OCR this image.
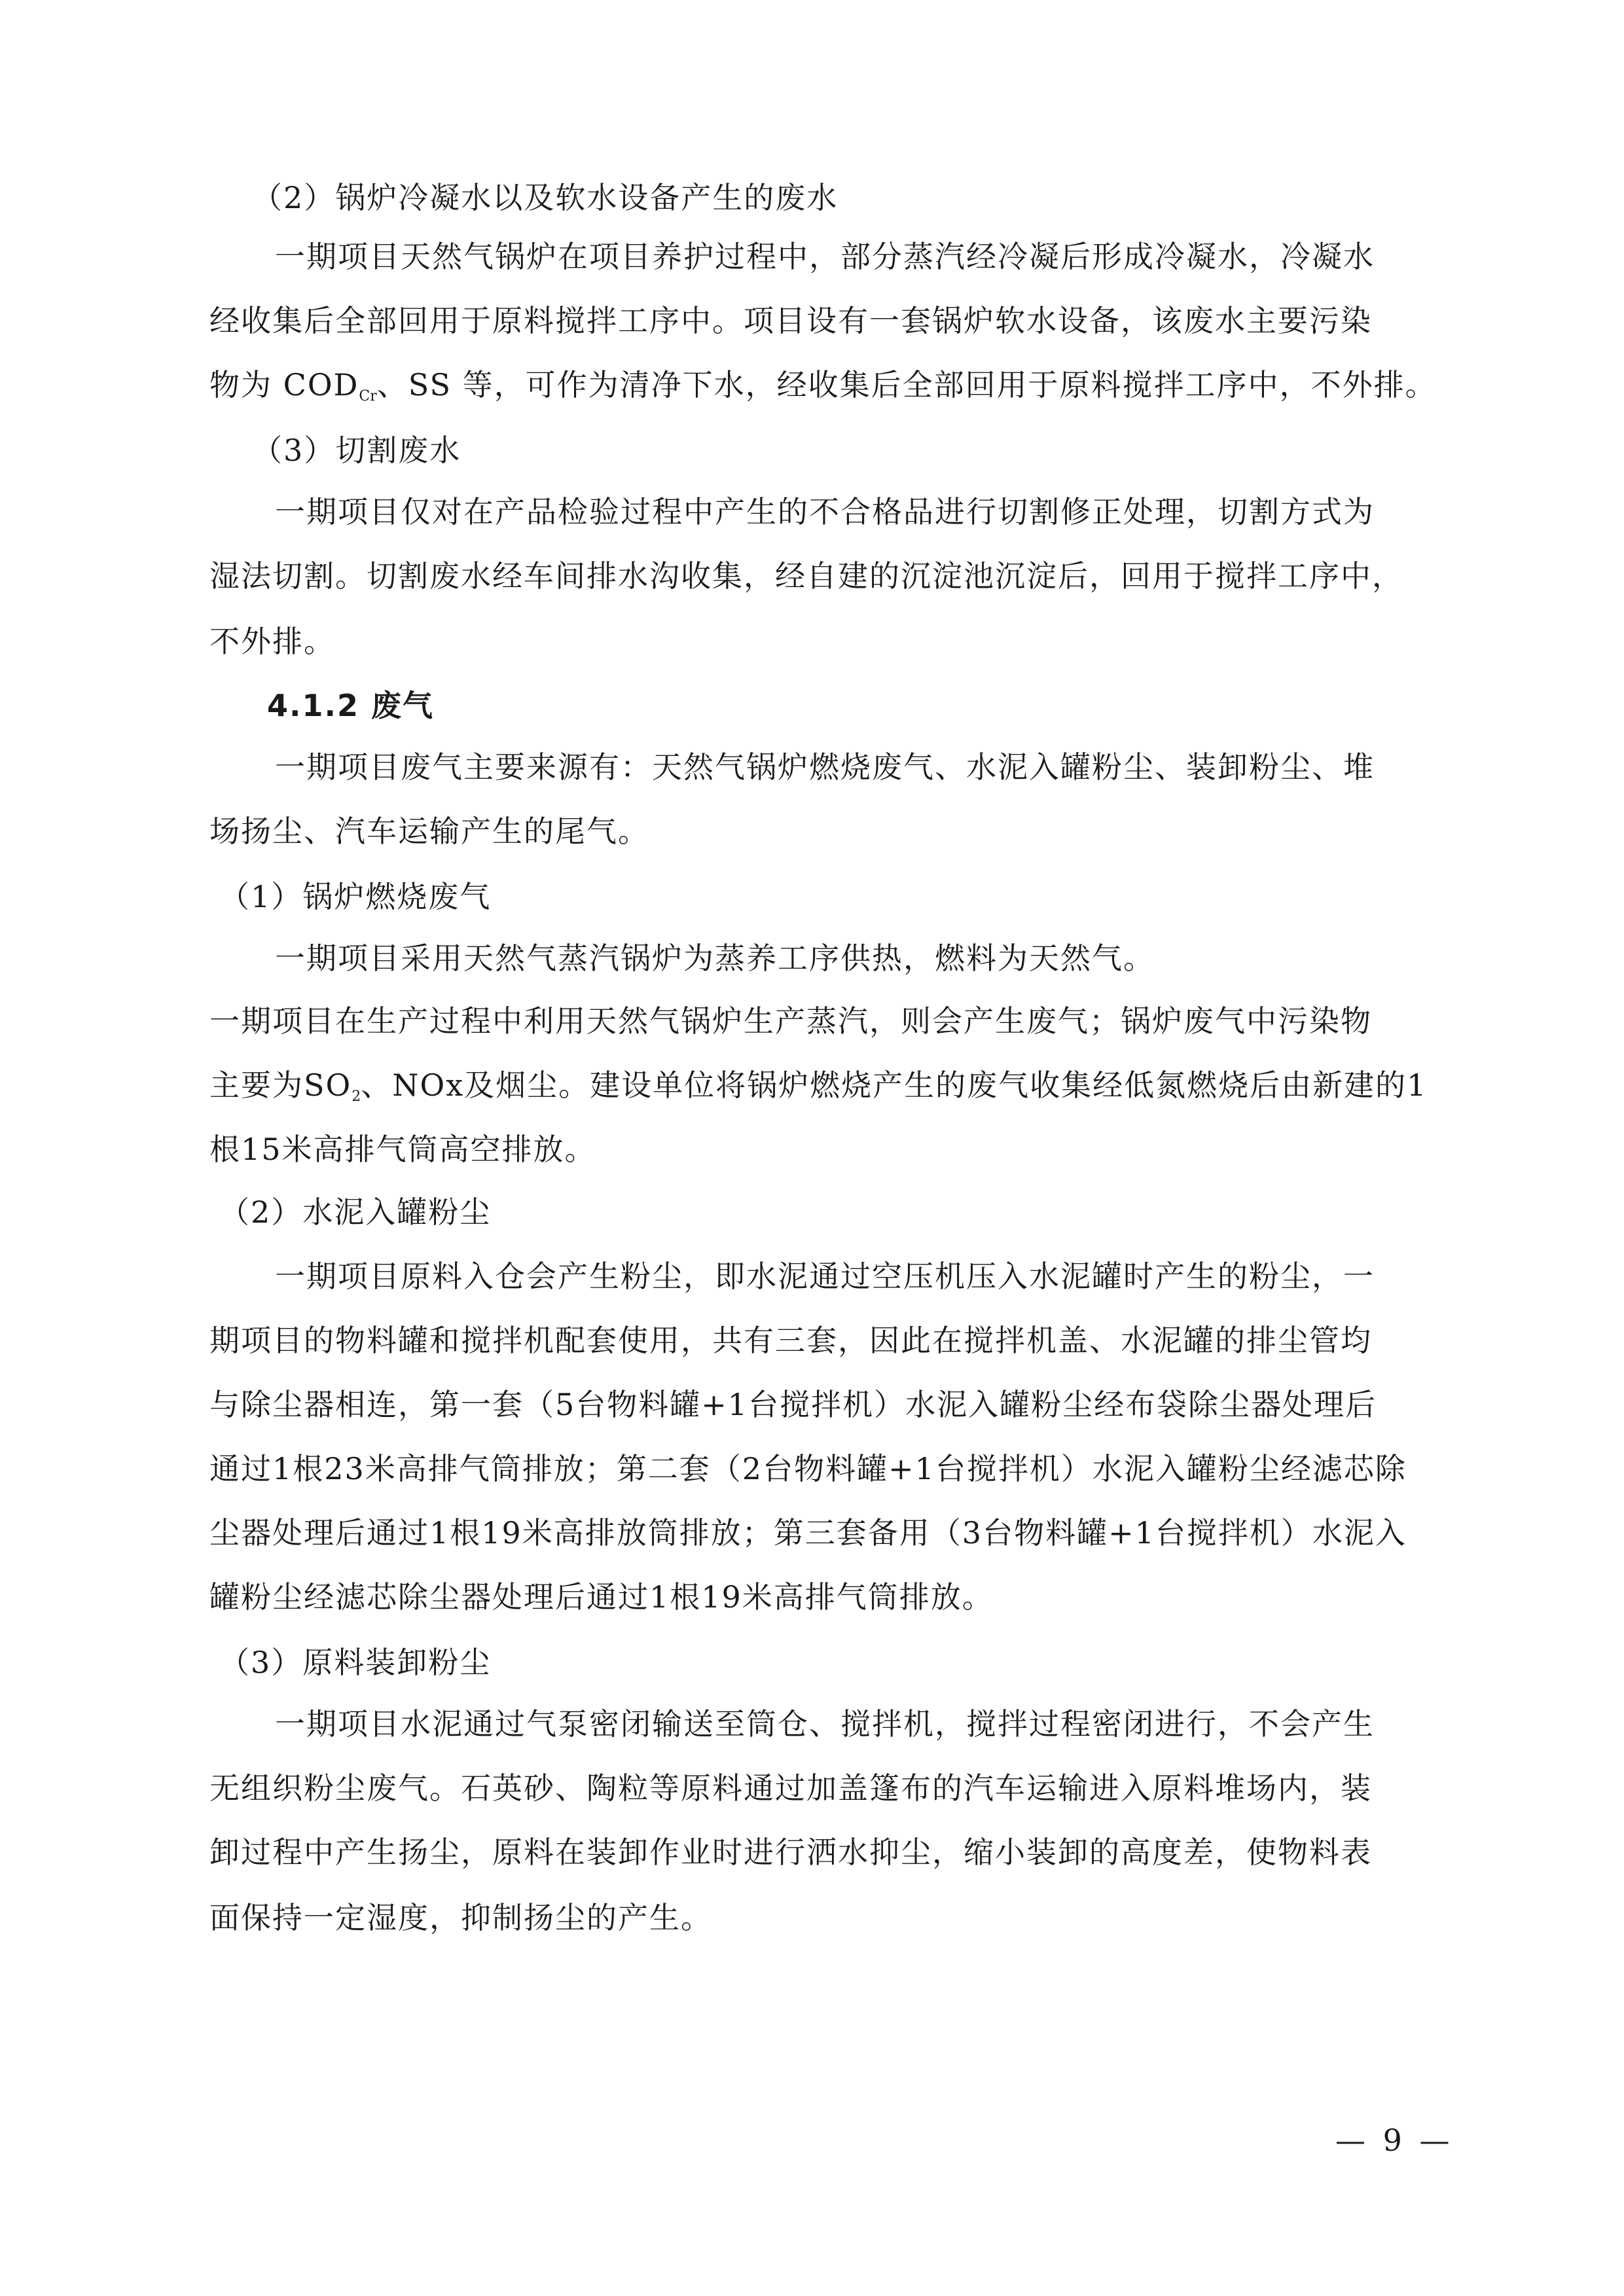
（2）锅炉冷凝水以及软水设备产生的废水
一期项目天然气锅炉在项目养护过程中，部分蒸汽经冷凝后形成冷凝水，冷凝水
经收集后全部回用于原料搅拌工序中。项目设有一套锅炉软水设备，该废水主要污染
物为 $COD_{Cr}$、SS 等，可作为清净下水，经收集后全部回用于原料搅拌工序中，不外排。
（3）切割废水
一期项目仅对在产品检验过程中产生的不合格品进行切割修正处理，切割方式为
湿法切割。切割废水经车间排水沟收集，经自建的沉淀池沉淀后，回用于搅拌工序中，
不外排。
4.1.2 废气
一期项目废气主要来源有：天然气锅炉燃烧废气、水泥入罐粉尘、装卸粉尘、堆
场扬尘、汽车运输产生的尾气。
（1）锅炉燃烧废气
一期项目采用天然气蒸汽锅炉为蒸养工序供热，燃料为天然气。
一期项目在生产过程中利用天然气锅炉生产蒸汽，则会产生废气；锅炉废气中污染物
主要为$SO_2$、NOx及烟尘。建设单位将锅炉燃烧产生的废气收集经低氮燃烧后由新建的1
根15米高排气筒高空排放。
（2）水泥入罐粉尘
一期项目原料入仓会产生粉尘，即水泥通过空压机压入水泥罐时产生的粉尘，一
期项目的物料罐和搅拌机配套使用，共有三套，因此在搅拌机盖、水泥罐的排尘管均
与除尘器相连，第一套（5台物料罐+1台搅拌机）水泥入罐粉尘经布袋除尘器处理后
通过1根23米高排气筒排放；第二套（2台物料罐+1台搅拌机）水泥入罐粉尘经滤芯除
尘器处理后通过1根19米高排放筒排放；第三套备用（3台物料罐+1台搅拌机）水泥入
罐粉尘经滤芯除尘器处理后通过1根19米高排气筒排放。
（3）原料装卸粉尘
一期项目水泥通过气泵密闭输送至筒仓、搅拌机，搅拌过程密闭进行，不会产生
无组织粉尘废气。石英砂、陶粒等原料通过加盖篷布的汽车运输进入原料堆场内，装
卸过程中产生扬尘，原料在装卸作业时进行洒水抑尘，缩小装卸的高度差，使物料表
面保持一定湿度，抑制扬尘的产生。
— 9 —
